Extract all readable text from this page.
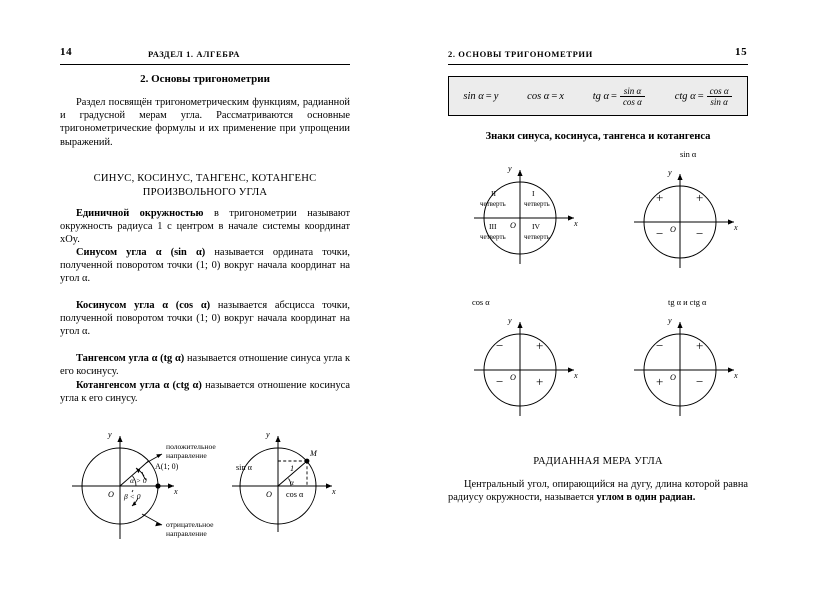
14	РАЗДЕЛ 1. АЛГЕБРА
2. Основы тригонометрии

Раздел посвящён тригонометрическим функциям, радианной и градусной мерам угла. Рассматриваются основные тригонометрические формулы и их применение при упрощении выражений.

СИНУС, КОСИНУС, ТАНГЕНС, КОТАНГЕНС
ПРОИЗВОЛЬНОГО УГЛА

Единичной окружностью в тригонометрии называют окружность радиуса 1 с центром в начале системы координат xOy.

Синусом угла α (sin α) называется ордината точки, полученной поворотом точки (1; 0) вокруг начала координат на угол α.

Косинусом угла α (cos α) называется абсцисса точки, полученной поворотом точки (1; 0) вокруг начала координат на угол α.

Тангенсом угла α (tg α) называется отношение синуса угла к его косинусу.

Котангенсом угла α (ctg α) называется отношение косинуса угла к его синусу.

y
x
O
A(1; 0)
α > 0
β < 0
положительное
направление
отрицательное
направление
y
x
O
M
1
α
sin α
cos α
2. ОСНОВЫ ТРИГОНОМЕТРИИ	15
sin α = y	cos α = x	tg $\alpha = \frac{\text{sin α}}{\text{cos α}}$	ctg $\alpha = \frac{\text{cos α}}{\text{sin α}}$
Знаки синуса, косинуса, тангенса и котангенса
y
x
O
II
четверть
I
четверть
III
четверть
IV
четверть
sin α
y
x
O
+	+
−	−
cos α
y
x
O
−	+
−	+
tg α и ctg α
y
x
O
−	+
+	−
РАДИАННАЯ МЕРА УГЛА

Центральный угол, опирающийся на дугу, длина которой равна радиусу окружности, называется углом в один радиан.
